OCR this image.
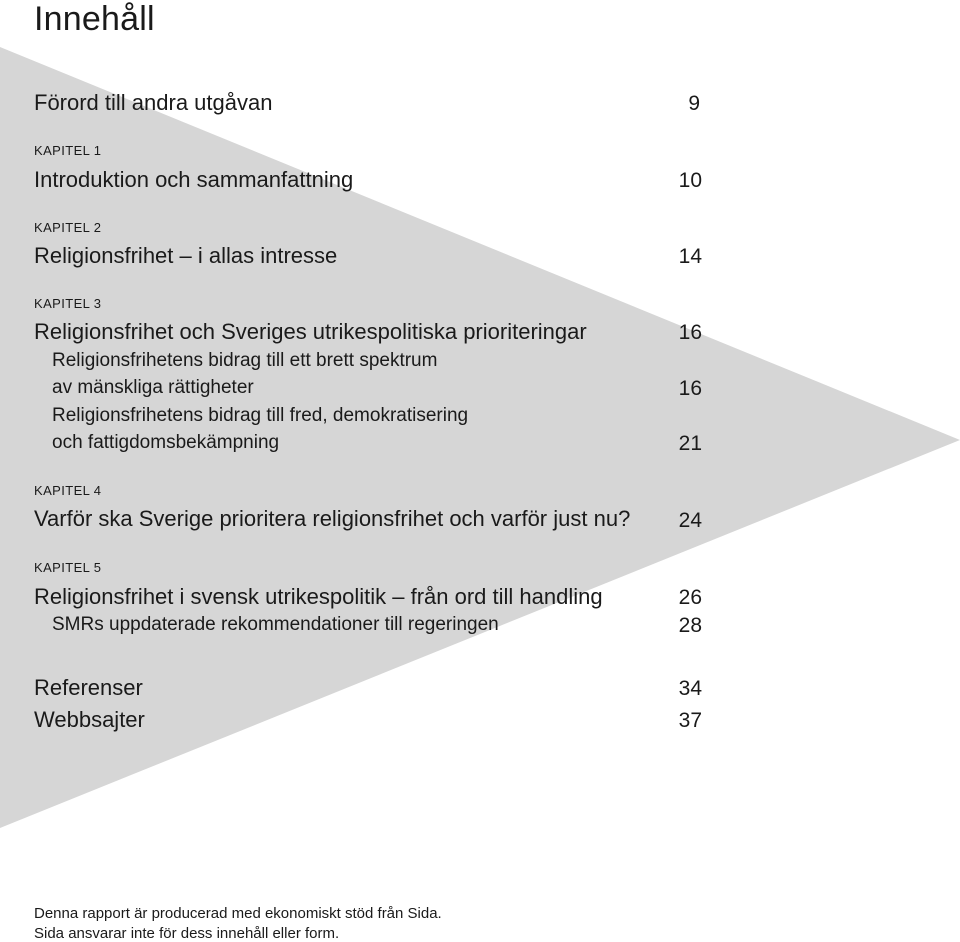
Innehåll
Förord till andra utgåvan	9
KAPITEL 1
Introduktion och sammanfattning	10
KAPITEL 2
Religionsfrihet – i allas intresse	14
KAPITEL 3
Religionsfrihet och Sveriges utrikespolitiska prioriteringar	16
Religionsfrihetens bidrag till ett brett spektrum
av mänskliga rättigheter	16
Religionsfrihetens bidrag till fred, demokratisering
och fattigdomsbekämpning	21
KAPITEL 4
Varför ska Sverige prioritera religionsfrihet och varför just nu?	24
KAPITEL 5
Religionsfrihet i svensk utrikespolitik – från ord till handling	26
SMRs uppdaterade rekommendationer till regeringen	28
Referenser	34
Webbsajter	37
Denna rapport är producerad med ekonomiskt stöd från Sida.
Sida ansvarar inte för dess innehåll eller form.
